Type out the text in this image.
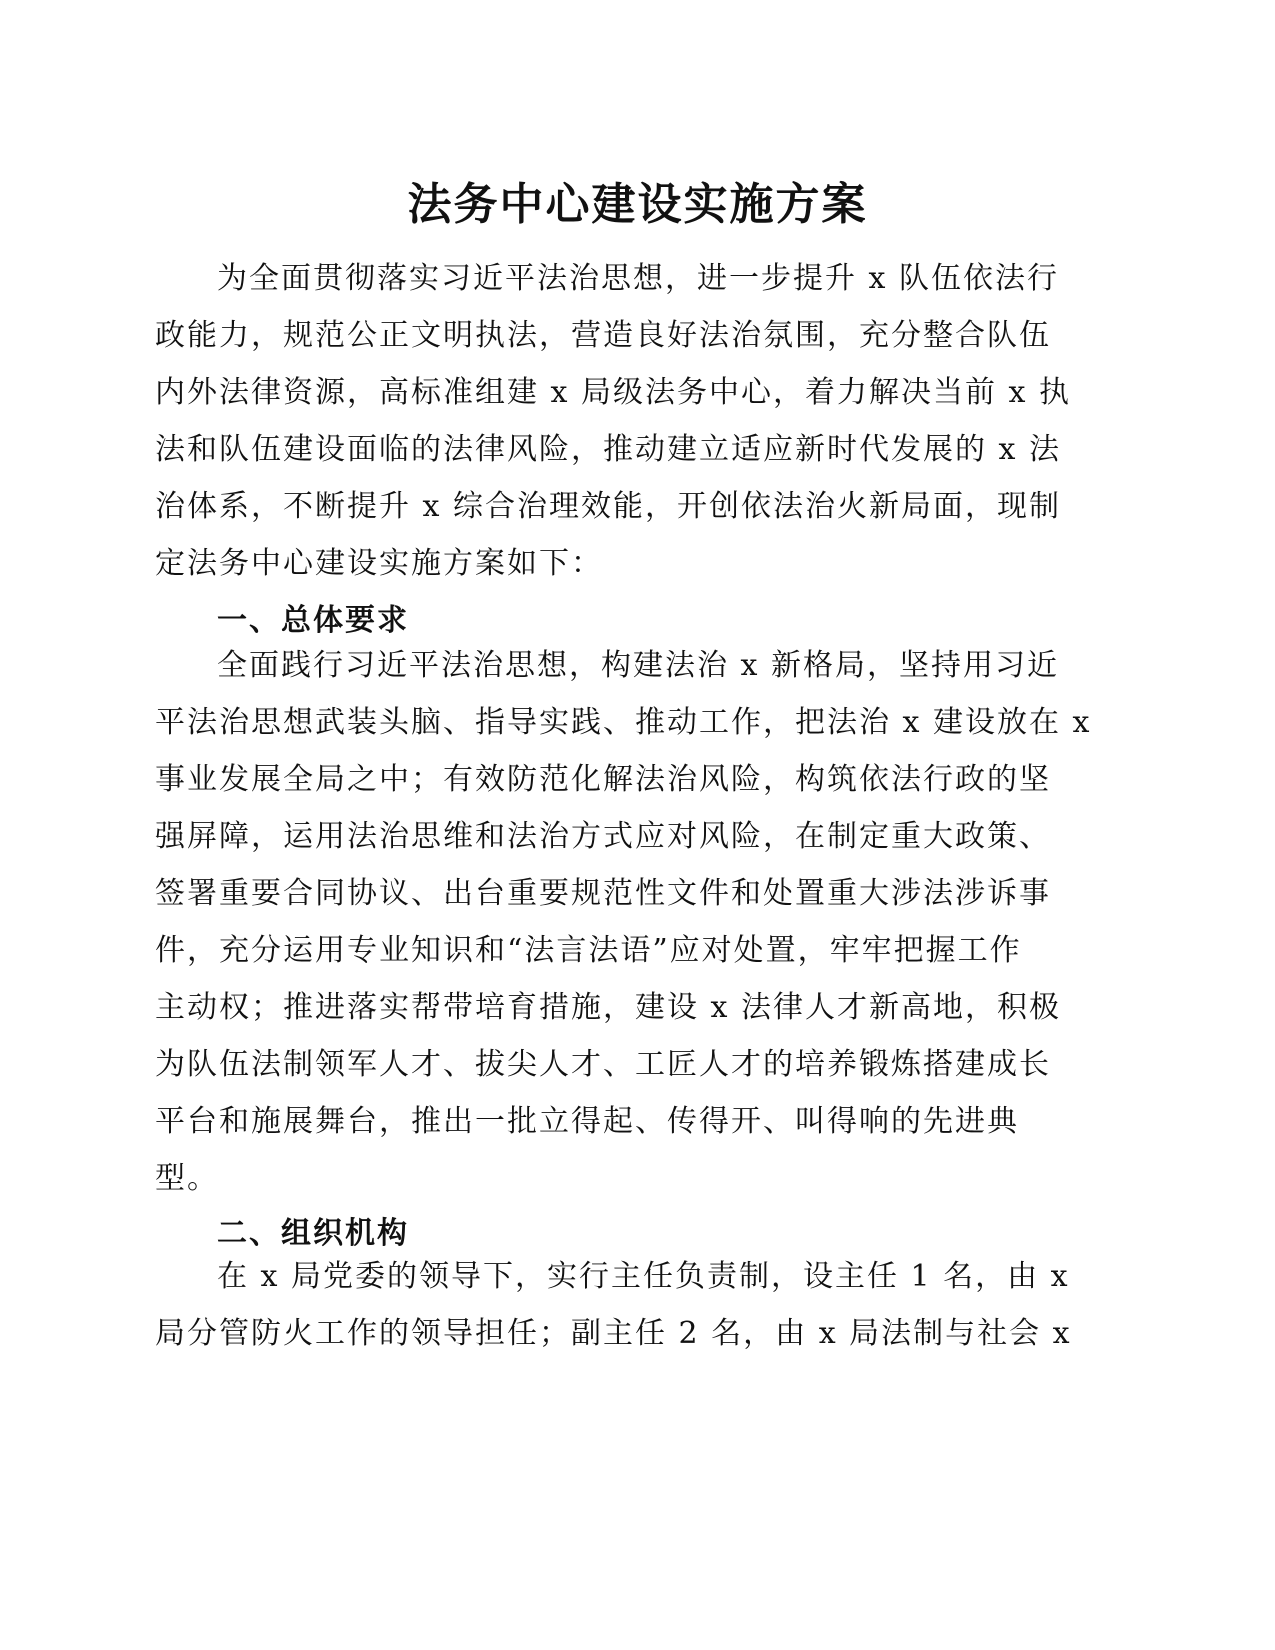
法务中心建设实施方案
为全面贯彻落实习近平法治思想，进一步提升 x 队伍依法行
政能力，规范公正文明执法，营造良好法治氛围，充分整合队伍
内外法律资源，高标准组建 x 局级法务中心，着力解决当前 x 执
法和队伍建设面临的法律风险，推动建立适应新时代发展的 x 法
治体系，不断提升 x 综合治理效能，开创依法治火新局面，现制
定法务中心建设实施方案如下：
一、总体要求
全面践行习近平法治思想，构建法治 x 新格局，坚持用习近
平法治思想武装头脑、指导实践、推动工作，把法治 x 建设放在 x
事业发展全局之中；有效防范化解法治风险，构筑依法行政的坚
强屏障，运用法治思维和法治方式应对风险，在制定重大政策、
签署重要合同协议、出台重要规范性文件和处置重大涉法涉诉事
件，充分运用专业知识和“法言法语”应对处置，牢牢把握工作
主动权；推进落实帮带培育措施，建设 x 法律人才新高地，积极
为队伍法制领军人才、拔尖人才、工匠人才的培养锻炼搭建成长
平台和施展舞台，推出一批立得起、传得开、叫得响的先进典
型。
二、组织机构
在 x 局党委的领导下，实行主任负责制，设主任 1 名，由 x
局分管防火工作的领导担任；副主任 2 名，由 x 局法制与社会 x
